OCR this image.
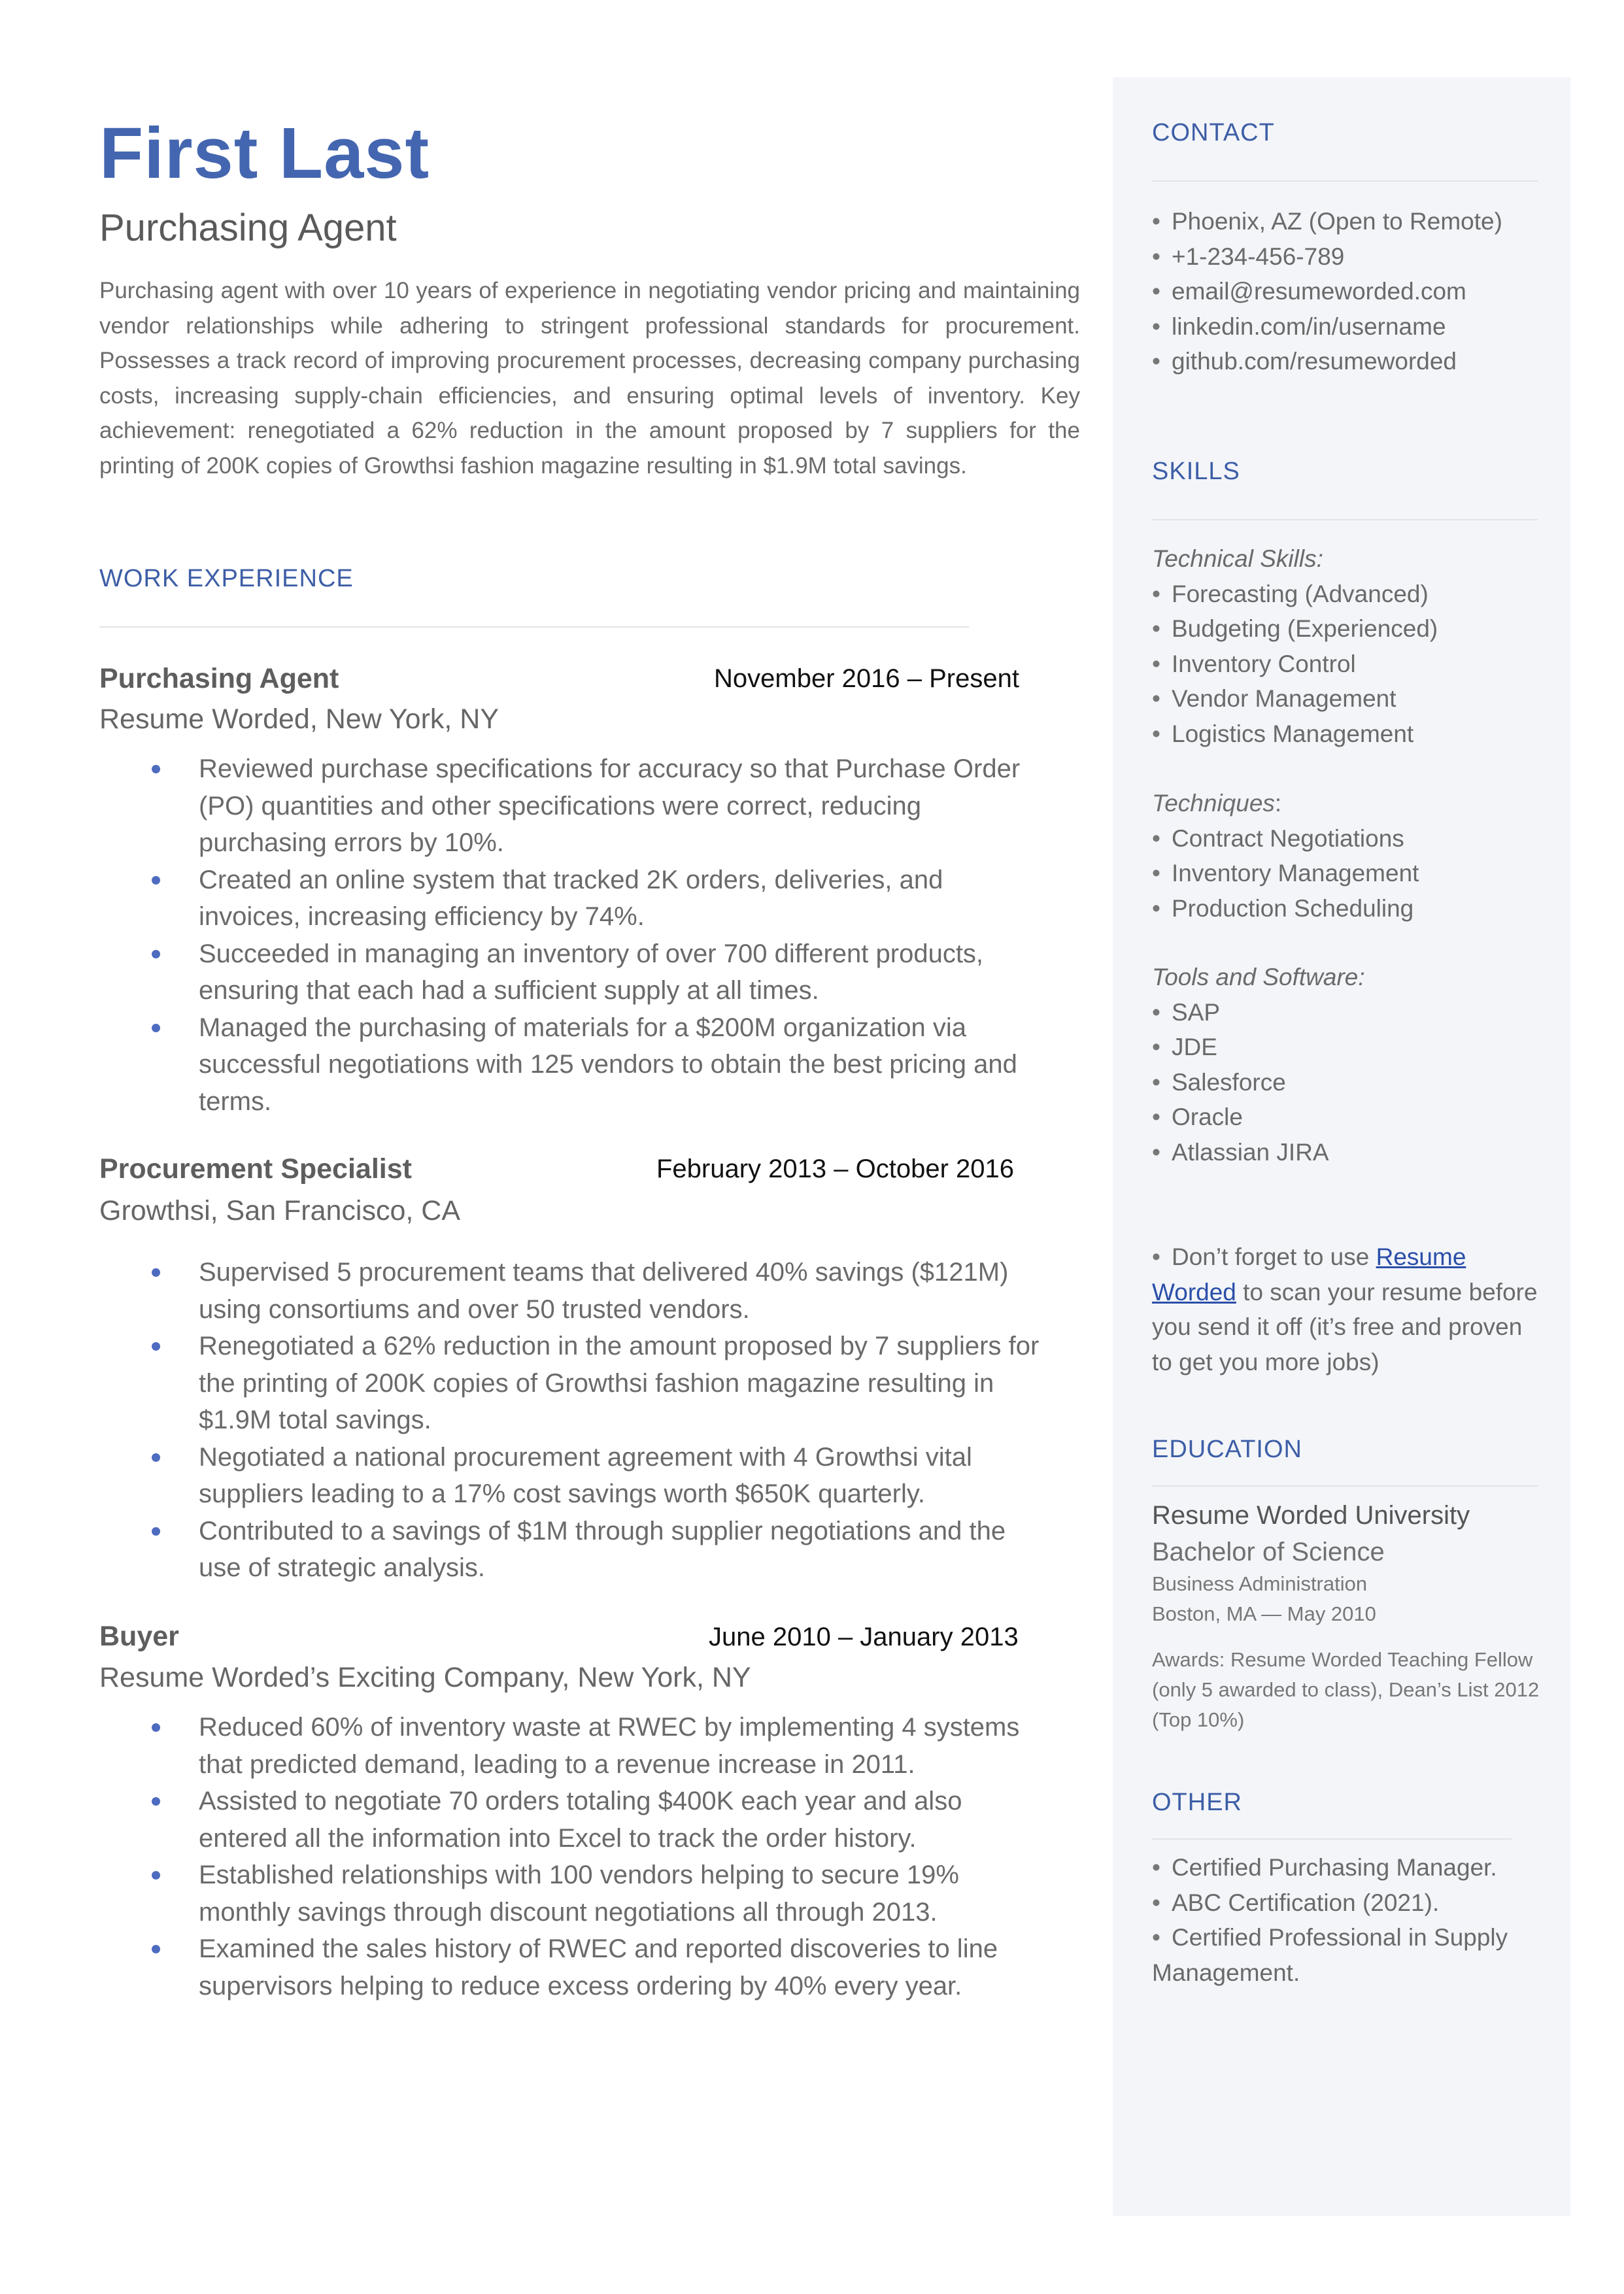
First Last
Purchasing Agent
Purchasing agent with over 10 years of experience in negotiating vendor pricing and maintaining vendor relationships while adhering to stringent professional standards for procurement. Possesses a track record of improving procurement processes, decreasing company purchasing costs, increasing supply-chain efficiencies, and ensuring optimal levels of inventory. Key achievement: renegotiated a 62% reduction in the amount proposed by 7 suppliers for the printing of 200K copies of Growthsi fashion magazine resulting in $1.9M total savings.
WORK EXPERIENCE
Purchasing Agent	November 2016 – Present
Resume Worded, New York, NY
Reviewed purchase specifications for accuracy so that Purchase Order (PO) quantities and other specifications were correct, reducing purchasing errors by 10%.
Created an online system that tracked 2K orders, deliveries, and invoices, increasing efficiency by 74%.
Succeeded in managing an inventory of over 700 different products, ensuring that each had a sufficient supply at all times.
Managed the purchasing of materials for a $200M organization via successful negotiations with 125 vendors to obtain the best pricing and terms.
Procurement Specialist	February 2013 – October 2016
Growthsi, San Francisco, CA
Supervised 5 procurement teams that delivered 40% savings ($121M) using consortiums and over 50 trusted vendors.
Renegotiated a 62% reduction in the amount proposed by 7 suppliers for the printing of 200K copies of Growthsi fashion magazine resulting in $1.9M total savings.
Negotiated a national procurement agreement with 4 Growthsi vital suppliers leading to a 17% cost savings worth $650K quarterly.
Contributed to a savings of $1M through supplier negotiations and the use of strategic analysis.
Buyer	June 2010 – January 2013
Resume Worded’s Exciting Company, New York, NY
Reduced 60% of inventory waste at RWEC by implementing 4 systems that predicted demand, leading to a revenue increase in 2011.
Assisted to negotiate 70 orders totaling $400K each year and also entered all the information into Excel to track the order history.
Established relationships with 100 vendors helping to secure 19% monthly savings through discount negotiations all through 2013.
Examined the sales history of RWEC and reported discoveries to line supervisors helping to reduce excess ordering by 40% every year.
CONTACT
• Phoenix, AZ (Open to Remote)
• +1-234-456-789
• email@resumeworded.com
• linkedin.com/in/username
• github.com/resumeworded
SKILLS
Technical Skills:
• Forecasting (Advanced)
• Budgeting (Experienced)
• Inventory Control
• Vendor Management
• Logistics Management
Techniques:
• Contract Negotiations
• Inventory Management
• Production Scheduling
Tools and Software:
• SAP
• JDE
• Salesforce
• Oracle
• Atlassian JIRA
• Don’t forget to use Resume Worded to scan your resume before you send it off (it’s free and proven to get you more jobs)
EDUCATION
Resume Worded University
Bachelor of Science
Business Administration
Boston, MA — May 2010
Awards: Resume Worded Teaching Fellow (only 5 awarded to class), Dean’s List 2012 (Top 10%)
OTHER
• Certified Purchasing Manager.
• ABC Certification (2021).
• Certified Professional in Supply Management.
